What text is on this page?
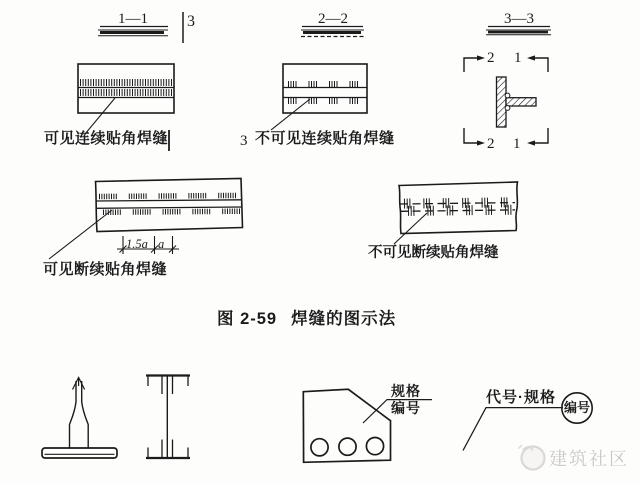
1—1	3	2—2	3—3
可见连续贴角焊缝	3 不可见连续贴角焊缝
2 1
2 1
1.5a a
可见断续贴角焊缝
不可见断续贴角焊缝
图 2-59 焊缝的图示法
规格
编号
代号·规格
编号
建筑社区
